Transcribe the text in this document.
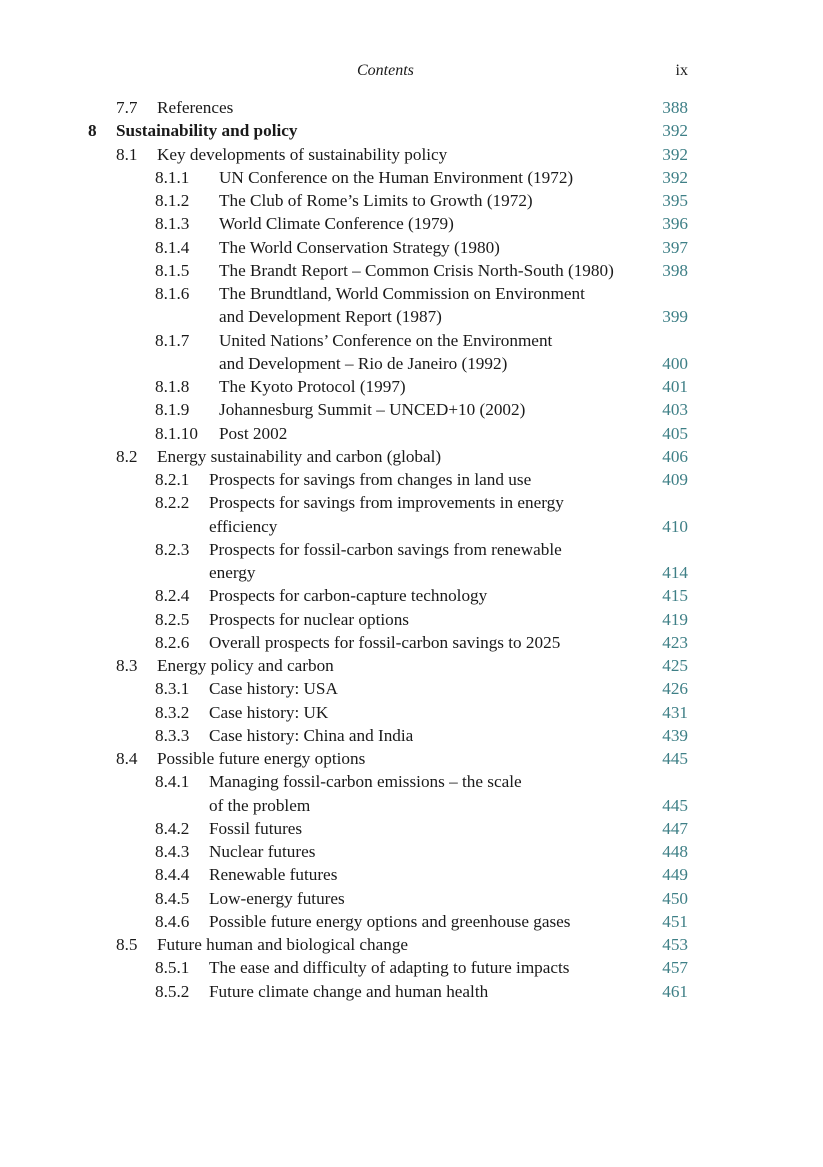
Contents	ix
7.7 References	388
8 Sustainability and policy	392
8.1 Key developments of sustainability policy	392
8.1.1 UN Conference on the Human Environment (1972)	392
8.1.2 The Club of Rome’s Limits to Growth (1972)	395
8.1.3 World Climate Conference (1979)	396
8.1.4 The World Conservation Strategy (1980)	397
8.1.5 The Brandt Report – Common Crisis North-South (1980)	398
8.1.6 The Brundtland, World Commission on Environment
and Development Report (1987)	399
8.1.7 United Nations’ Conference on the Environment
and Development – Rio de Janeiro (1992)	400
8.1.8 The Kyoto Protocol (1997)	401
8.1.9 Johannesburg Summit – UNCED+10 (2002)	403
8.1.10 Post 2002	405
8.2 Energy sustainability and carbon (global)	406
8.2.1 Prospects for savings from changes in land use	409
8.2.2 Prospects for savings from improvements in energy
efficiency	410
8.2.3 Prospects for fossil-carbon savings from renewable
energy	414
8.2.4 Prospects for carbon-capture technology	415
8.2.5 Prospects for nuclear options	419
8.2.6 Overall prospects for fossil-carbon savings to 2025	423
8.3 Energy policy and carbon	425
8.3.1 Case history: USA	426
8.3.2 Case history: UK	431
8.3.3 Case history: China and India	439
8.4 Possible future energy options	445
8.4.1 Managing fossil-carbon emissions – the scale
of the problem	445
8.4.2 Fossil futures	447
8.4.3 Nuclear futures	448
8.4.4 Renewable futures	449
8.4.5 Low-energy futures	450
8.4.6 Possible future energy options and greenhouse gases	451
8.5 Future human and biological change	453
8.5.1 The ease and difficulty of adapting to future impacts	457
8.5.2 Future climate change and human health	461
